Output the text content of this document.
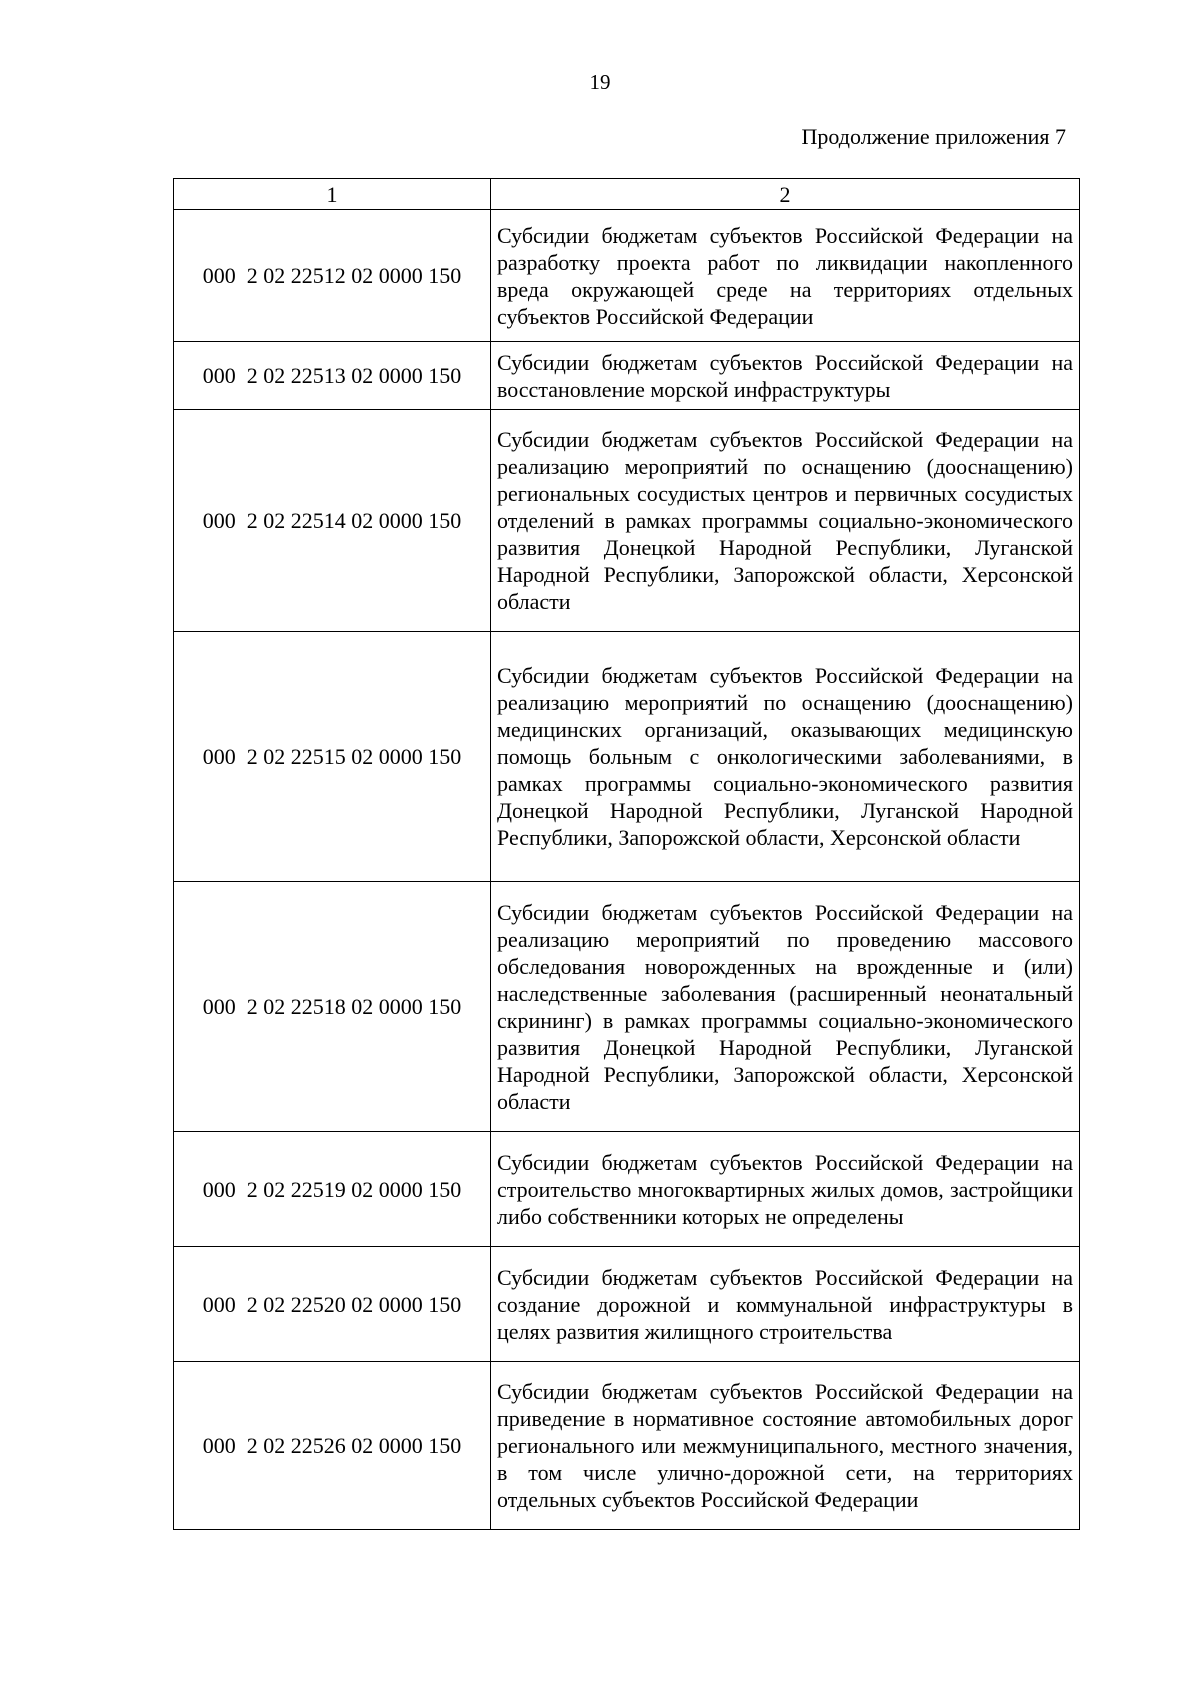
19
Продолжение приложения 7
1	2
000  2 02 22512 02 0000 150	Субсидии бюджетам субъектов Российской Федерации на разработку проекта работ по ликвидации накопленного вреда окружающей среде на территориях отдельных субъектов Российской Федерации
000  2 02 22513 02 0000 150	Субсидии бюджетам субъектов Российской Федерации на восстановление морской инфраструктуры
000  2 02 22514 02 0000 150	Субсидии бюджетам субъектов Российской Федерации на реализацию мероприятий по оснащению (дооснащению) региональных сосудистых центров и первичных сосудистых отделений в рамках программы социально-экономического развития Донецкой Народной Республики, Луганской Народной Республики, Запорожской области, Херсонской области
000  2 02 22515 02 0000 150	Субсидии бюджетам субъектов Российской Федерации на реализацию мероприятий по оснащению (дооснащению) медицинских организаций, оказывающих медицинскую помощь больным с онкологическими заболеваниями, в рамках программы социально-экономического развития Донецкой Народной Республики, Луганской Народной Республики, Запорожской области, Херсонской области
000  2 02 22518 02 0000 150	Субсидии бюджетам субъектов Российской Федерации на реализацию мероприятий по проведению массового обследования новорожденных на врожденные и (или) наследственные заболевания (расширенный неонатальный скрининг) в рамках программы социально-экономического развития Донецкой Народной Республики, Луганской Народной Республики, Запорожской области, Херсонской области
000  2 02 22519 02 0000 150	Субсидии бюджетам субъектов Российской Федерации на строительство многоквартирных жилых домов, застройщики либо собственники которых не определены
000  2 02 22520 02 0000 150	Субсидии бюджетам субъектов Российской Федерации на создание дорожной и коммунальной инфраструктуры в целях развития жилищного строительства
000  2 02 22526 02 0000 150	Субсидии бюджетам субъектов Российской Федерации на приведение в нормативное состояние автомобильных дорог регионального или межмуниципального, местного значения, в том числе улично-дорожной сети, на территориях отдельных субъектов Российской Федерации
